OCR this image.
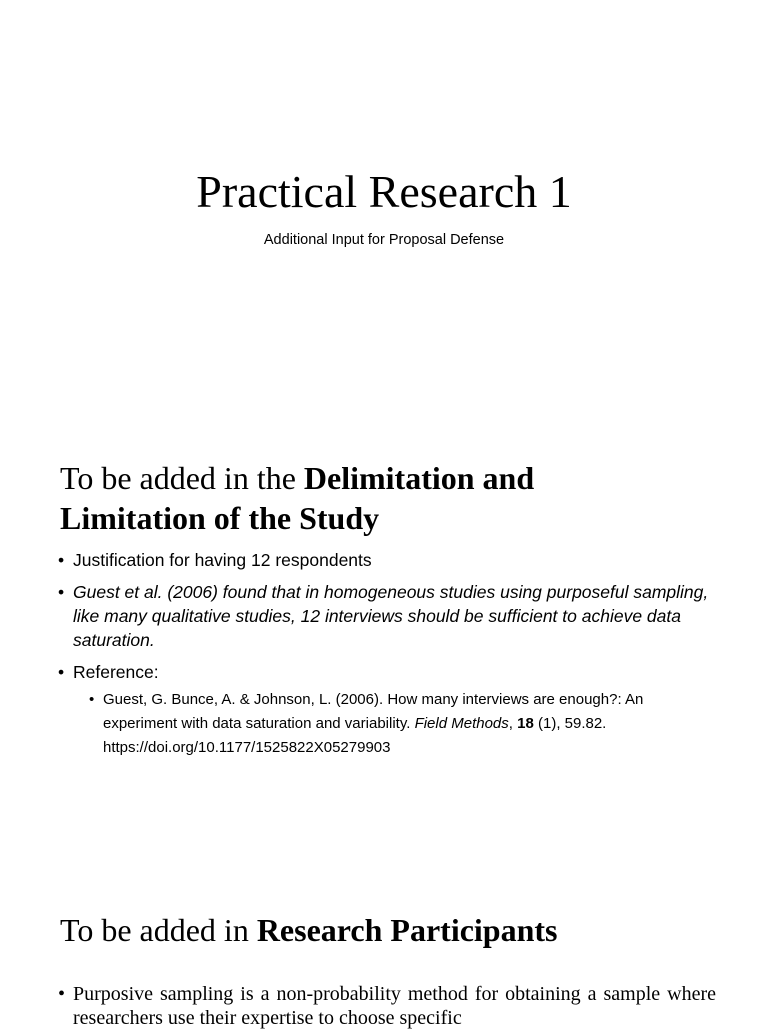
Practical Research 1
Additional Input for Proposal Defense
To be added in the Delimitation and
Limitation of the Study
• Justification for having 12 respondents
• Guest et al. (2006) found that in homogeneous studies using purposeful sampling, like many qualitative studies, 12 interviews should be sufficient to achieve data saturation.
• Reference:
• Guest, G. Bunce, A. & Johnson, L. (2006). How many interviews are enough?: An experiment with data saturation and variability. Field Methods, 18 (1), 59.82. https://doi.org/10.1177/1525822X05279903
To be added in Research Participants
• Purposive sampling is a non-probability method for obtaining a sample where researchers use their expertise to choose specific
